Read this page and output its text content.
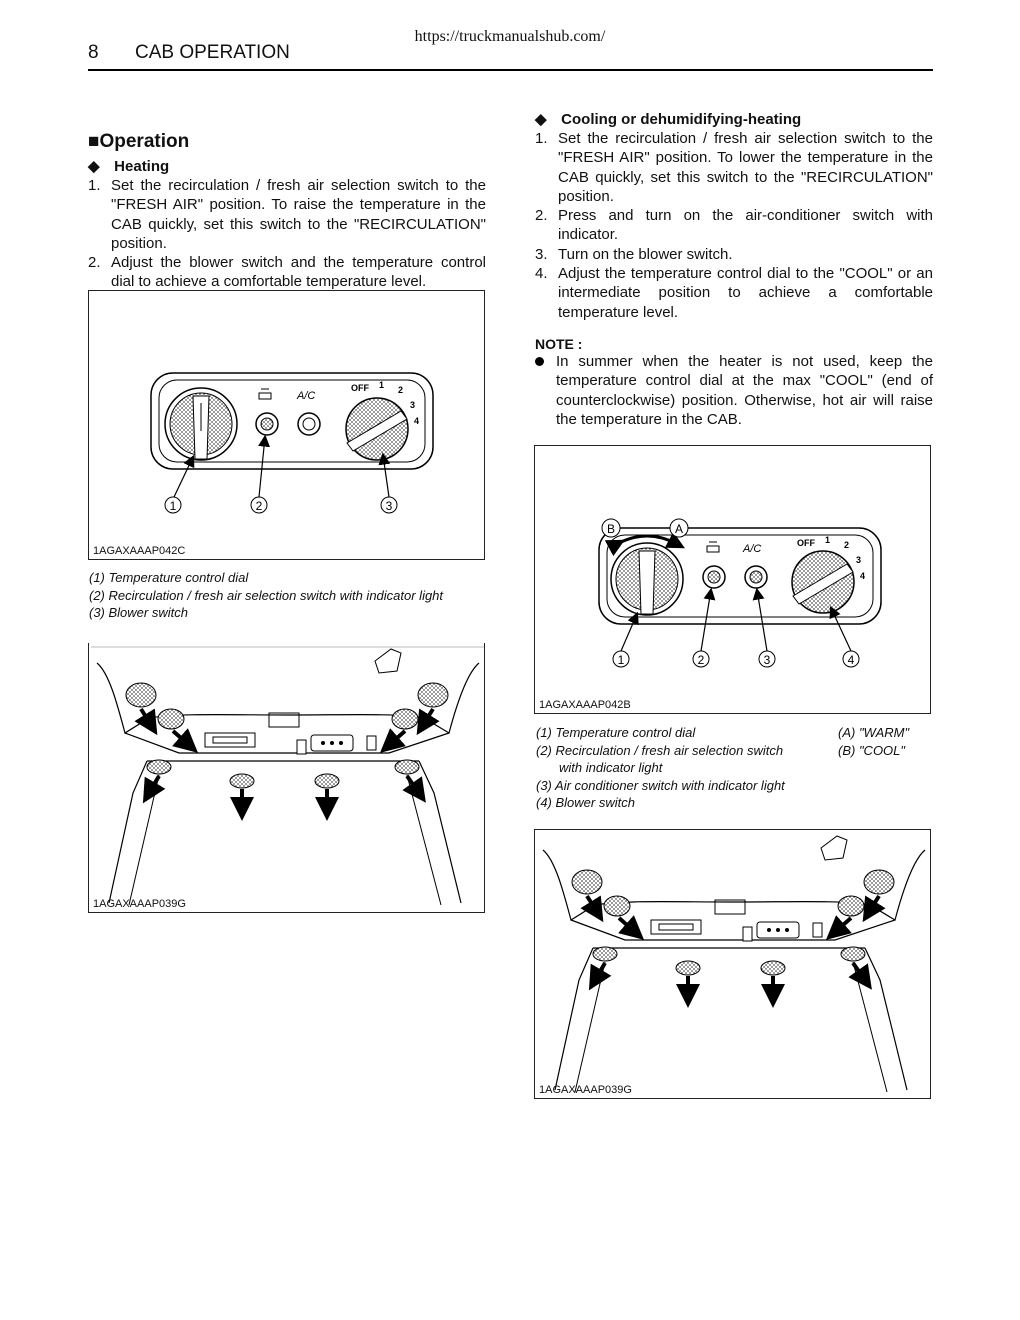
https://truckmanualshub.com/
8 CAB OPERATION
■Operation
◆ Heating
1. Set the recirculation / fresh air selection switch to the "FRESH AIR" position. To raise the temperature in the CAB quickly, set this switch to the "RECIRCULATION" position.
2. Adjust the blower switch and the temperature control dial to achieve a comfortable temperature level.
A/C
OFF 1 2
3
4
1	2	3
1AGAXAAAP042C
(1) Temperature control dial
(2) Recirculation / fresh air selection switch with indicator light
(3) Blower switch
1AGAXAAAP039G
◆ Cooling or dehumidifying-heating
1. Set the recirculation / fresh air selection switch to the "FRESH AIR" position. To lower the temperature in the CAB quickly, set this switch to the "RECIRCULATION" position.
2. Press and turn on the air-conditioner switch with indicator.
3. Turn on the blower switch.
4. Adjust the temperature control dial to the "COOL" or an intermediate position to achieve a comfortable temperature level.
NOTE :
In summer when the heater is not used, keep the temperature control dial at the max "COOL" (end of counterclockwise) position. Otherwise, hot air will raise the temperature in the CAB.
B	A
A/C	OFF 1 2
3
4
1	2	3	4
1AGAXAAAP042B
(1) Temperature control dial
(2) Recirculation / fresh air selection switch
with indicator light
(3) Air conditioner switch with indicator light
(4) Blower switch
(A) "WARM"
(B) "COOL"
1AGAXAAAP039G
